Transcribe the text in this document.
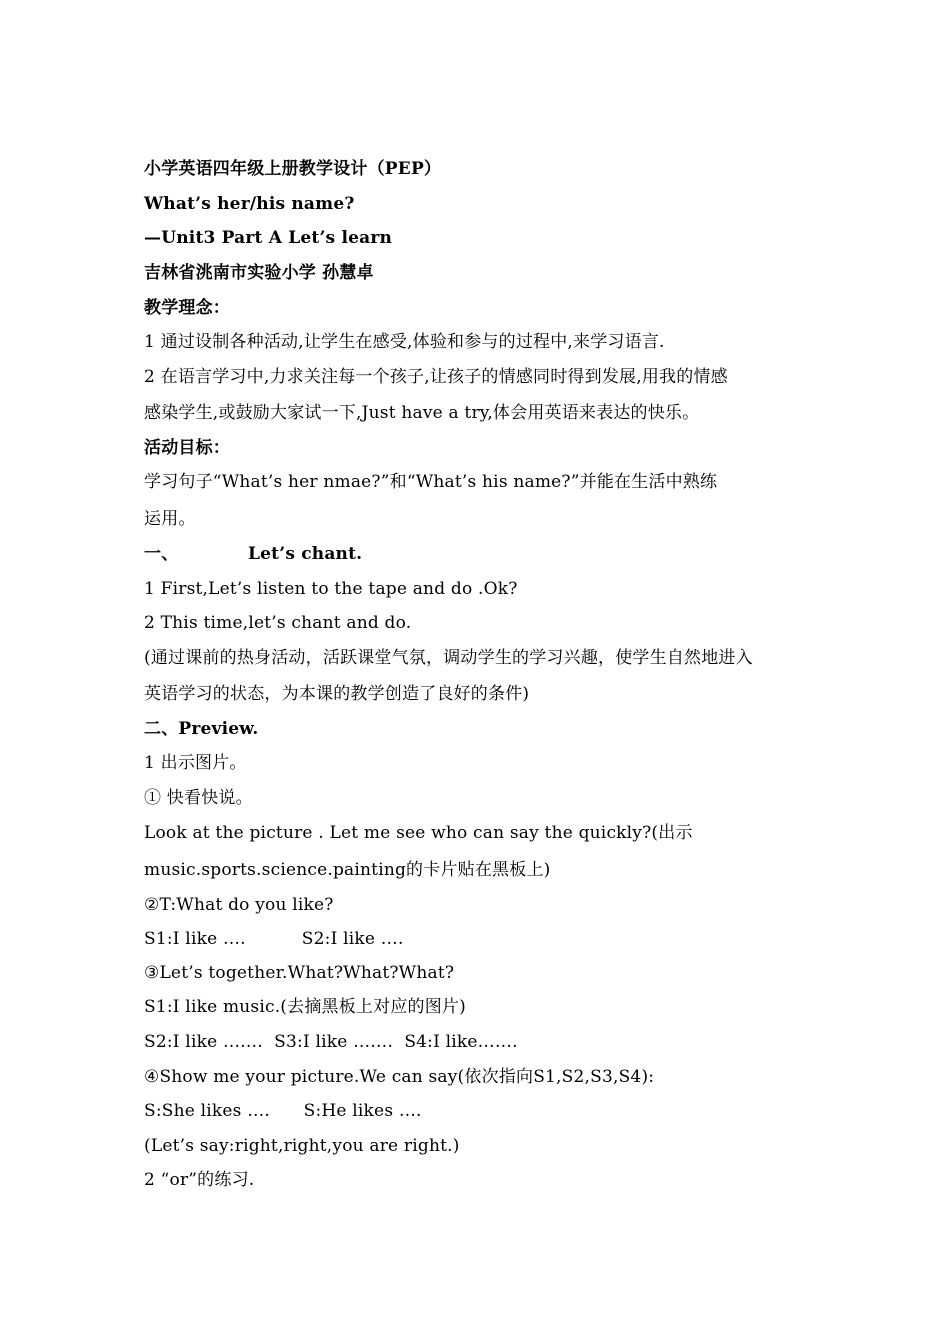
小学英语四年级上册教学设计（PEP）
What’s her/his name?
—Unit3 Part A Let’s learn
吉林省洮南市实验小学 孙慧卓
教学理念：
1 通过设制各种活动,让学生在感受,体验和参与的过程中,来学习语言.
2 在语言学习中,力求关注每一个孩子,让孩子的情感同时得到发展,用我的情感
感染学生,或鼓励大家试一下,Just have a try,体会用英语来表达的快乐。
活动目标：
学习句子“What’s her nmae?”和“What’s his name?”并能在生活中熟练
运用。
一、	Let’s chant.
1 First,Let’s listen to the tape and do .Ok?
2 This time,let’s chant and do.
(通过课前的热身活动，活跃课堂气氛，调动学生的学习兴趣，使学生自然地进入
英语学习的状态，为本课的教学创造了良好的条件)
二、Preview.
1 出示图片。
① 快看快说。
Look at the picture . Let me see who can say the quickly?(出示
music.sports.science.painting的卡片贴在黑板上)
②T:What do you like?
S1:I like ….          S2:I like ….
③Let’s together.What?What?What?
S1:I like music.(去摘黑板上对应的图片)
S2:I like …….  S3:I like …….  S4:I like…….
④Show me your picture.We can say(依次指向S1,S2,S3,S4):
S:She likes ….      S:He likes ….
(Let’s say:right,right,you are right.)
2 “or”的练习.
